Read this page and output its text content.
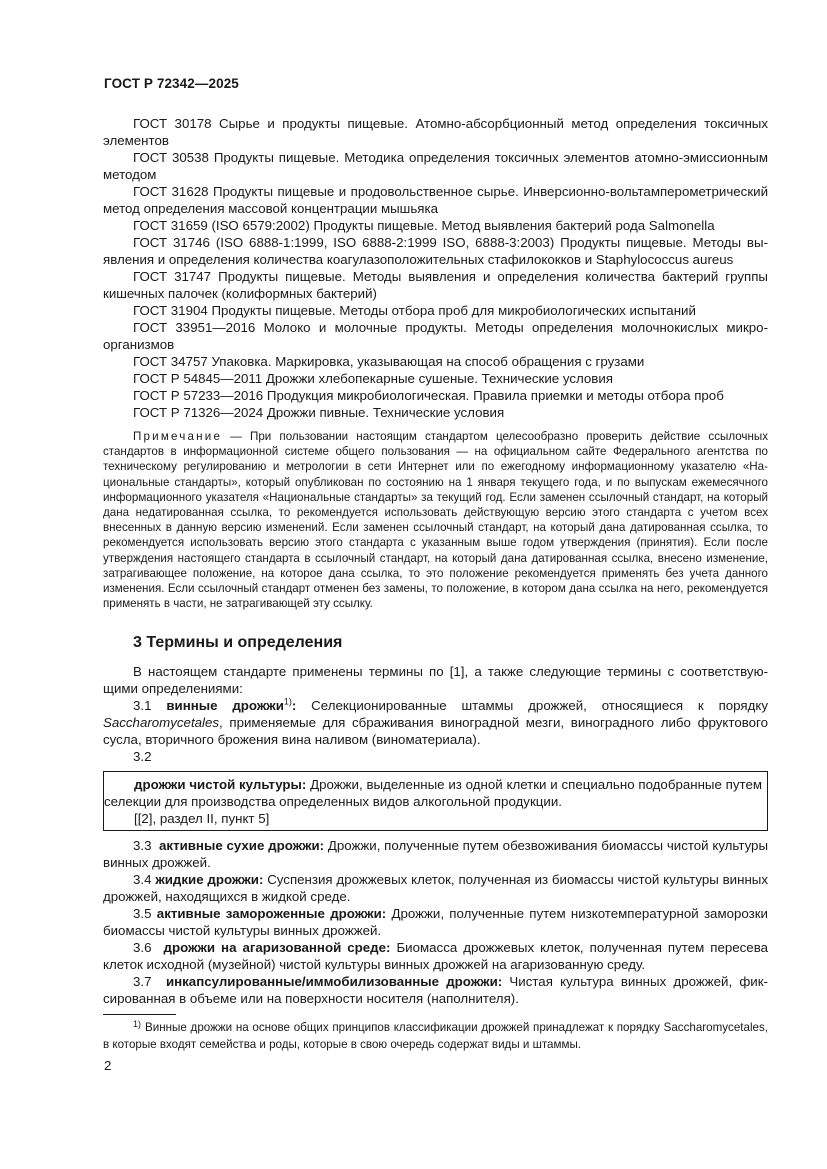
ГОСТ Р 72342—2025

ГОСТ 30178 Сырье и продукты пищевые. Атомно-абсорбционный метод определения токсичных элементов

ГОСТ 30538 Продукты пищевые. Методика определения токсичных элементов атомно-эмиссионным методом

ГОСТ 31628 Продукты пищевые и продовольственное сырье. Инверсионно-вольтамперометрический метод определения массовой концентрации мышьяка

ГОСТ 31659 (ISO 6579:2002) Продукты пищевые. Метод выявления бактерий рода Salmonella

ГОСТ 31746 (ISO 6888-1:1999, ISO 6888-2:1999 ISO, 6888-3:2003) Продукты пищевые. Методы выявления и определения количества коагулазоположительных стафилококков и Staphylococcus aureus

ГОСТ 31747 Продукты пищевые. Методы выявления и определения количества бактерий группы кишечных палочек (колиформных бактерий)

ГОСТ 31904 Продукты пищевые. Методы отбора проб для микробиологических испытаний

ГОСТ 33951—2016 Молоко и молочные продукты. Методы определения молочнокислых микроорганизмов

ГОСТ 34757 Упаковка. Маркировка, указывающая на способ обращения с грузами

ГОСТ Р 54845—2011 Дрожжи хлебопекарные сушеные. Технические условия

ГОСТ Р 57233—2016 Продукция микробиологическая. Правила приемки и методы отбора проб

ГОСТ Р 71326—2024 Дрожжи пивные. Технические условия

Примечание — При пользовании настоящим стандартом целесообразно проверить действие ссылочных стандартов в информационной системе общего пользования — на официальном сайте Федерального агентства по техническому регулированию и метрологии в сети Интернет или по ежегодному информационному указателю «Национальные стандарты», который опубликован по состоянию на 1 января текущего года, и по выпускам ежемесячного информационного указателя «Национальные стандарты» за текущий год. Если заменен ссылочный стандарт, на который дана недатированная ссылка, то рекомендуется использовать действующую версию этого стандарта с учетом всех внесенных в данную версию изменений. Если заменен ссылочный стандарт, на который дана датированная ссылка, то рекомендуется использовать версию этого стандарта с указанным выше годом утверждения (принятия). Если после утверждения настоящего стандарта в ссылочный стандарт, на который дана датированная ссылка, внесено изменение, затрагивающее положение, на которое дана ссылка, то это положение рекомендуется применять без учета данного изменения. Если ссылочный стандарт отменен без замены, то положение, в котором дана ссылка на него, рекомендуется применять в части, не затрагивающей эту ссылку.

3 Термины и определения

В настоящем стандарте применены термины по [1], а также следующие термины с соответствующими определениями:

3.1 винные дрожжи$^{1)}$: Селекционированные штаммы дрожжей, относящиеся к порядку Saccharomycetales, применяемые для сбраживания виноградной мезги, виноградного либо фруктового сусла, вторичного брожения вина наливом (виноматериала).

3.2

дрожжи чистой культуры: Дрожжи, выделенные из одной клетки и специально подобранные путем селекции для производства определенных видов алкогольной продукции.

[[2], раздел II, пункт 5]

3.3 активные сухие дрожжи: Дрожжи, полученные путем обезвоживания биомассы чистой культуры винных дрожжей.

3.4 жидкие дрожжи: Суспензия дрожжевых клеток, полученная из биомассы чистой культуры винных дрожжей, находящихся в жидкой среде.

3.5 активные замороженные дрожжи: Дрожжи, полученные путем низкотемпературной заморозки биомассы чистой культуры винных дрожжей.

3.6 дрожжи на агаризованной среде: Биомасса дрожжевых клеток, полученная путем пересева клеток исходной (музейной) чистой культуры винных дрожжей на агаризованную среду.

3.7 инкапсулированные/иммобилизованные дрожжи: Чистая культура винных дрожжей, фиксированная в объеме или на поверхности носителя (наполнителя).

$^{1)}$ Винные дрожжи на основе общих принципов классификации дрожжей принадлежат к порядку Saccharomycetales, в которые входят семейства и роды, которые в свою очередь содержат виды и штаммы.

2
